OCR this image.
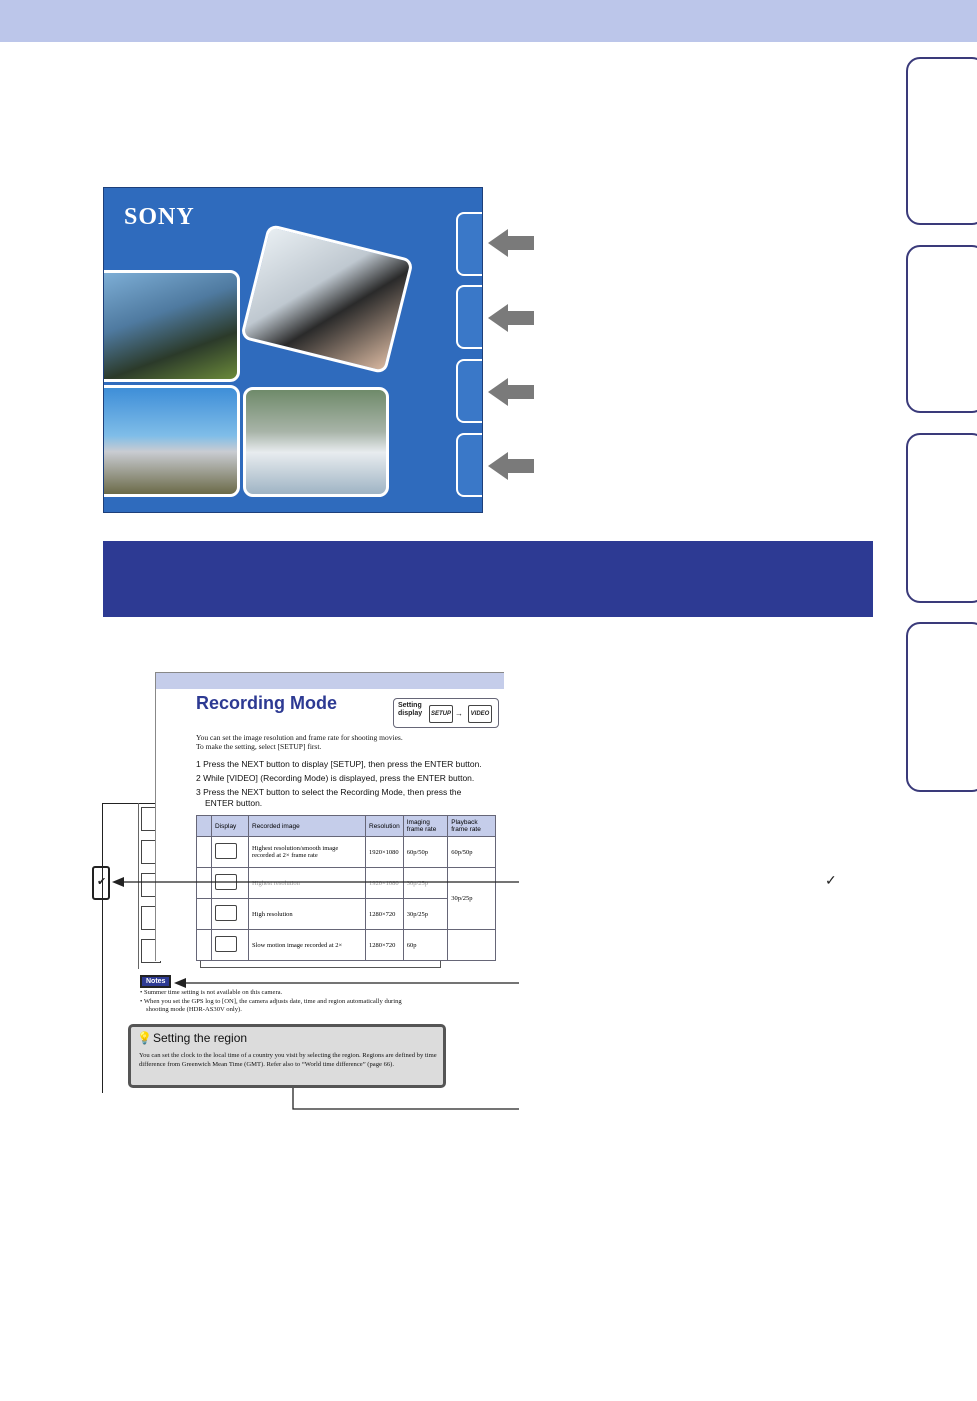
SONY
Recording Mode	Setting display	SETUP →	VIDEO
You can set the image resolution and frame rate for shooting movies.
To make the setting, select [SETUP] first.
1 Press the NEXT button to display [SETUP], then press the ENTER button.
2 While [VIDEO] (Recording Mode) is displayed, press the ENTER button.
3 Press the NEXT button to select the Recording Mode, then press the
ENTER button.
	Display	Recorded image	Resolution	Imaging frame rate	Playback frame rate
		Highest resolution/smooth image recorded at 2× frame rate	1920×1080	60p/50p	60p/50p
		Highest resolution	1920×1080	30p/25p	30p/25p
		High resolution	1280×720	30p/25p	
		Slow motion image recorded at 2×	1280×720	60p	
✔
Notes
• Summer time setting is not available on this camera.
• When you set the GPS log to [ON], the camera adjusts date, time and region automatically during
shooting mode (HDR-AS30V only).
💡 Setting the region
You can set the clock to the local time of a country you visit by selecting the region. Regions are defined by time difference from Greenwich Mean Time (GMT). Refer also to “World time difference” (page 66).
✓
